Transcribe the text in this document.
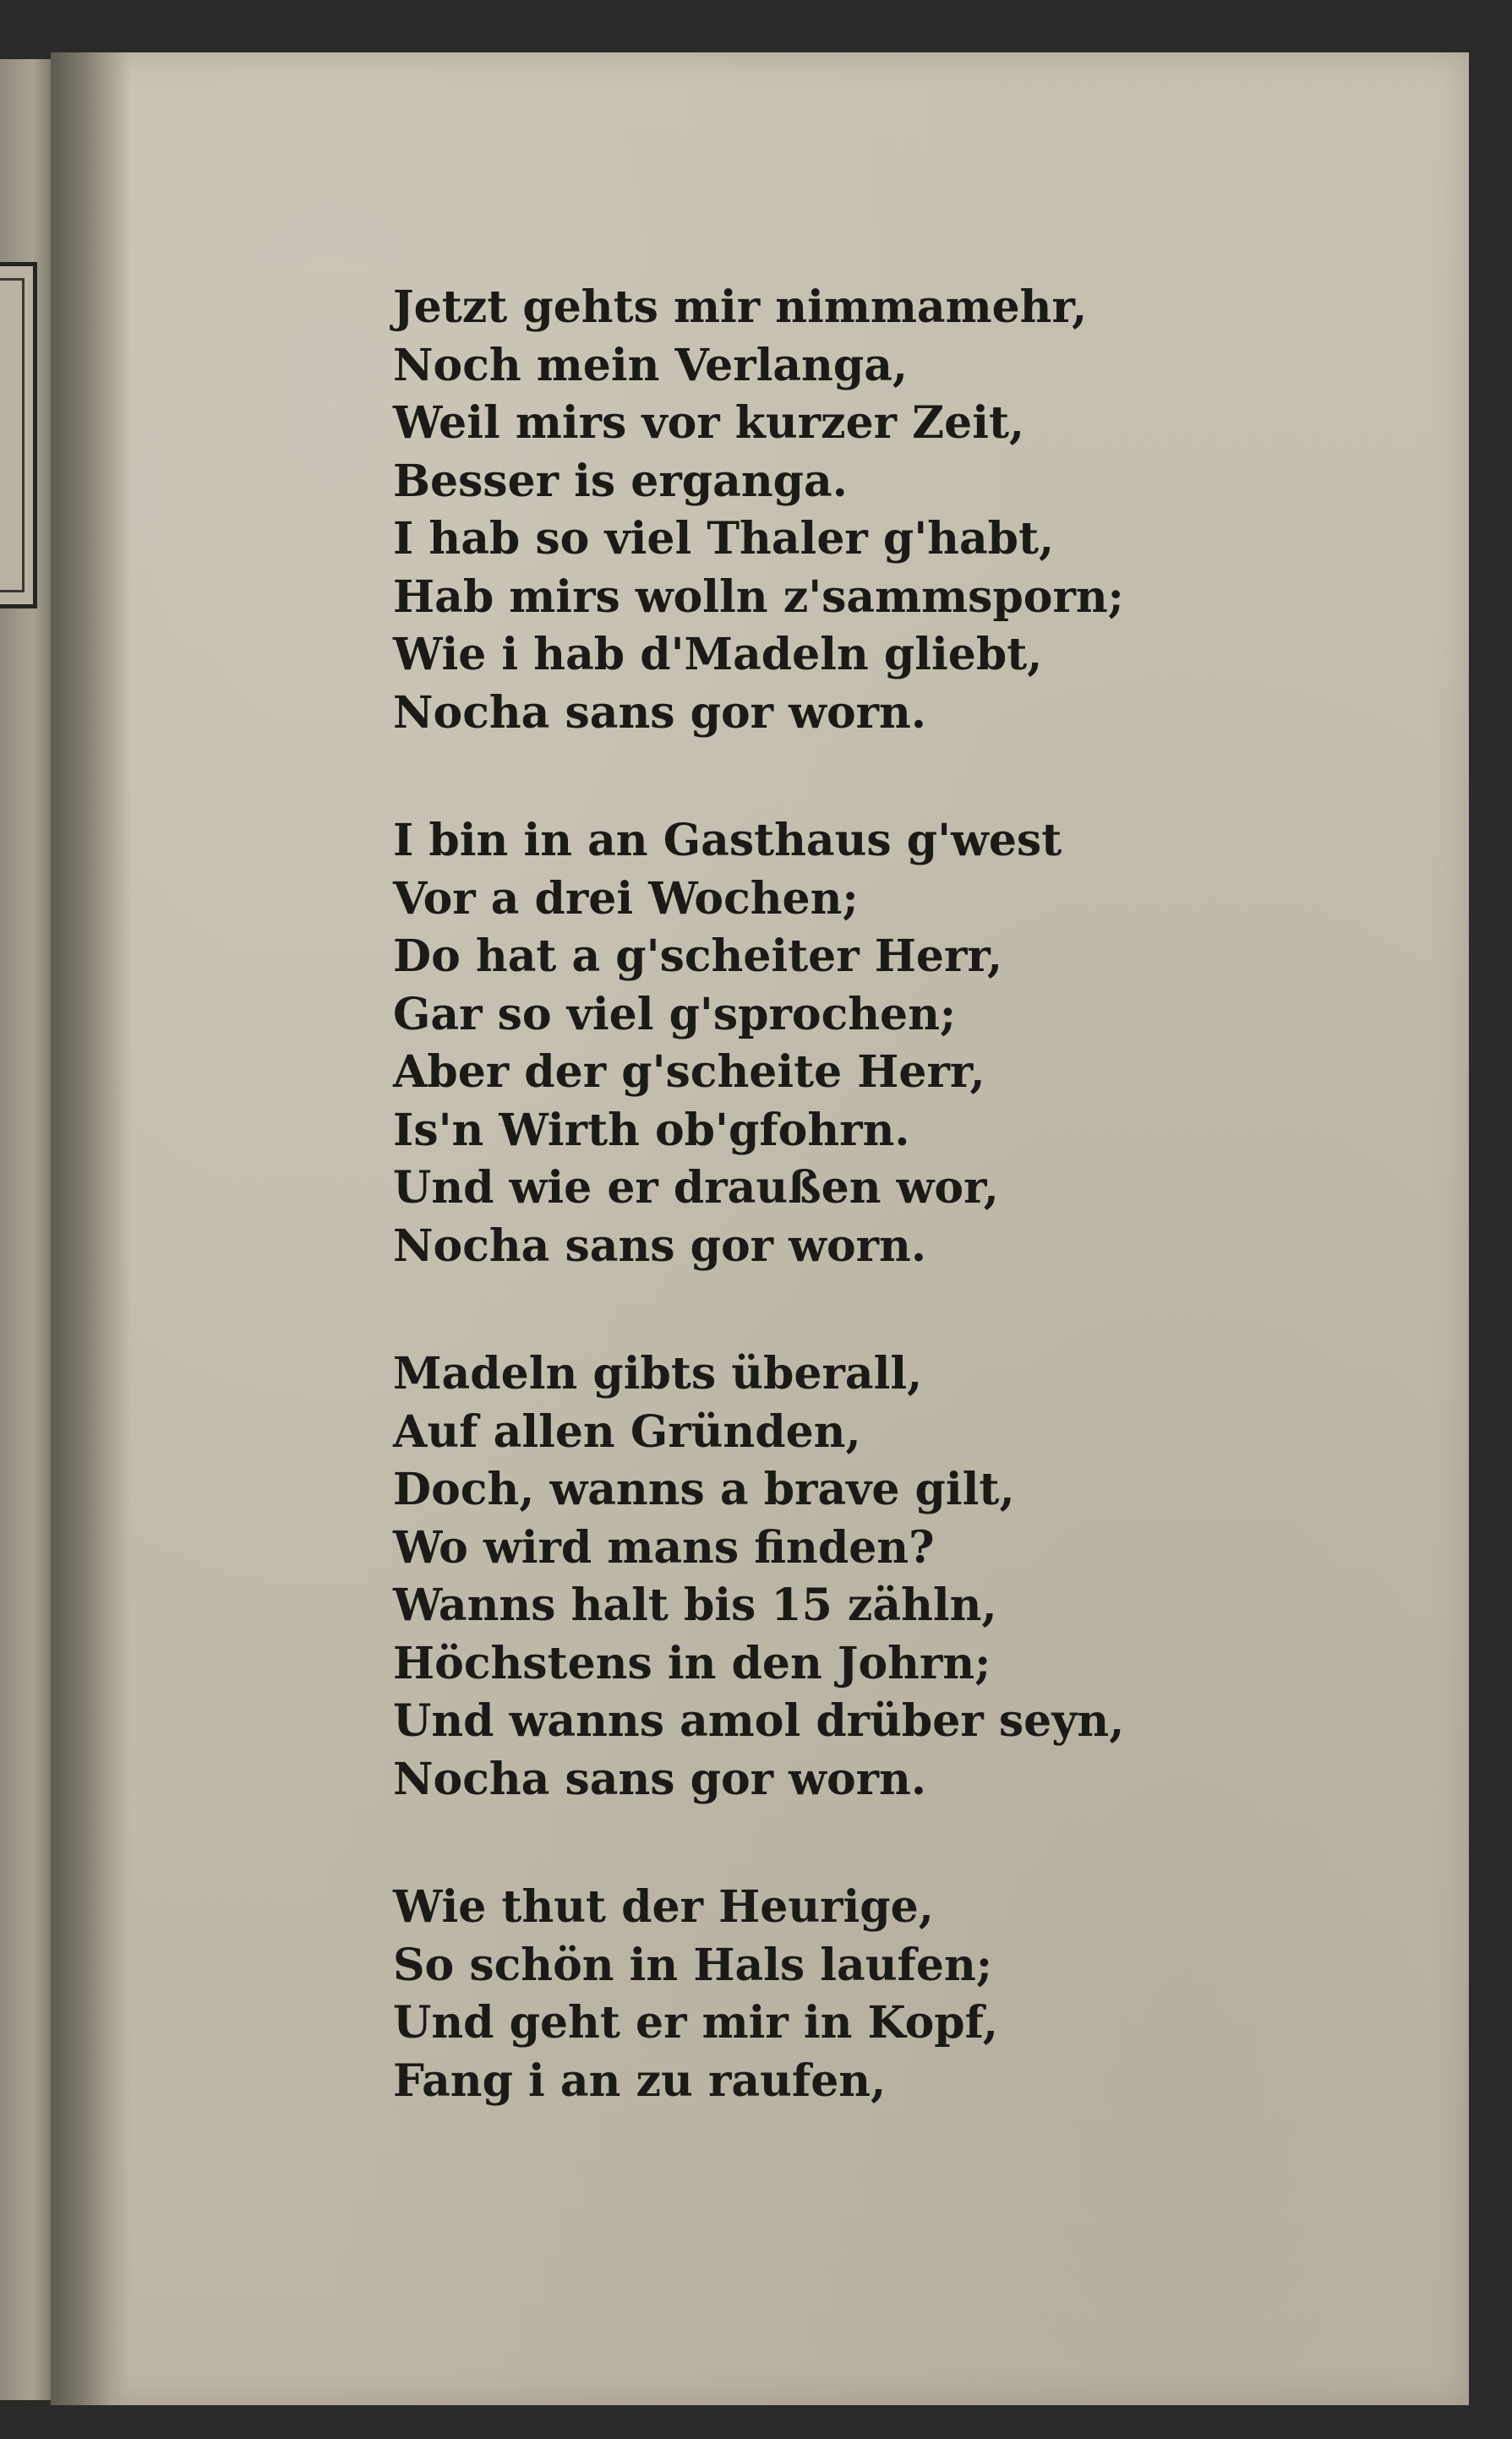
Jetzt gehts mir nimmamehr,
Noch mein Verlanga,
Weil mirs vor kurzer Zeit,
Besser is erganga.
I hab so viel Thaler g'habt,
Hab mirs wolln z'sammsporn;
Wie i hab d'Madeln gliebt,
Nocha sans gor worn.
I bin in an Gasthaus g'west
Vor a drei Wochen;
Do hat a g'scheiter Herr,
Gar so viel g'sprochen;
Aber der g'scheite Herr,
Is'n Wirth ob'gfohrn.
Und wie er draußen wor,
Nocha sans gor worn.
Madeln gibts überall,
Auf allen Gründen,
Doch, wanns a brave gilt,
Wo wird mans finden?
Wanns halt bis 15 zähln,
Höchstens in den Johrn;
Und wanns amol drüber seyn,
Nocha sans gor worn.
Wie thut der Heurige,
So schön in Hals laufen;
Und geht er mir in Kopf,
Fang i an zu raufen,
